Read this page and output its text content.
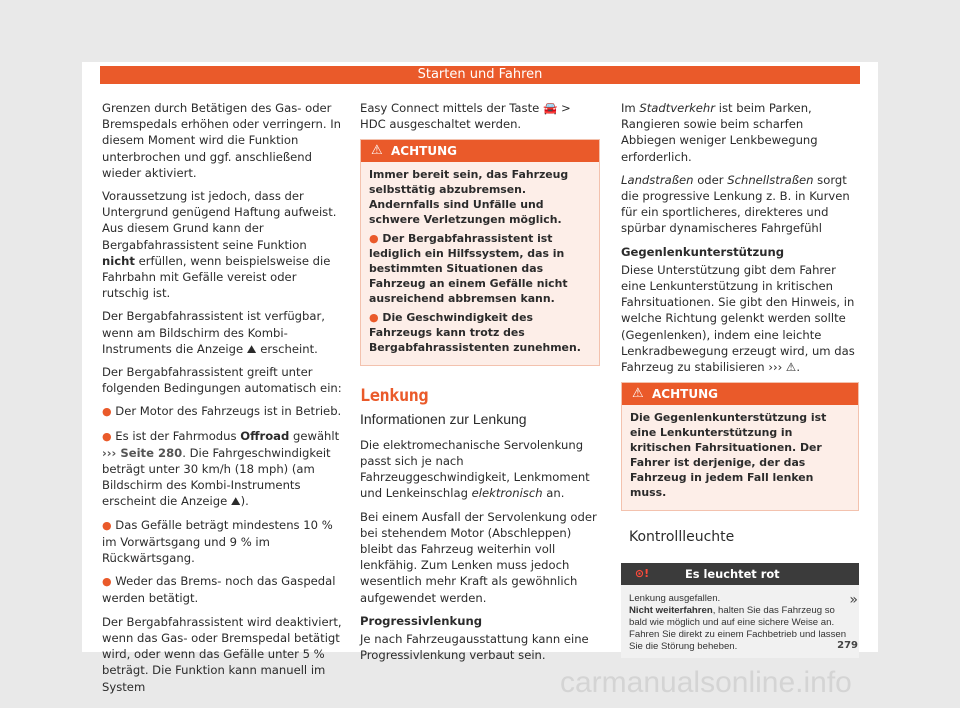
Starten und Fahren

Grenzen durch Betätigen des Gas- oder Bremspedals erhöhen oder verringern. In diesem Moment wird die Funktion unterbrochen und ggf. anschließend wieder aktiviert.

Voraussetzung ist jedoch, dass der Untergrund genügend Haftung aufweist. Aus diesem Grund kann der Bergabfahrassistent seine Funktion nicht erfüllen, wenn beispielsweise die Fahrbahn mit Gefälle vereist oder rutschig ist.

Der Bergabfahrassistent ist verfügbar, wenn am Bildschirm des Kombi-Instruments die Anzeige ⛰ erscheint.

Der Bergabfahrassistent greift unter folgenden Bedingungen automatisch ein:

● Der Motor des Fahrzeugs ist in Betrieb.

● Es ist der Fahrmodus Offroad gewählt ››› Seite 280. Die Fahrgeschwindigkeit beträgt unter 30 km/h (18 mph) (am Bildschirm des Kombi-Instruments erscheint die Anzeige ⛰).

● Das Gefälle beträgt mindestens 10 % im Vorwärtsgang und 9 % im Rückwärtsgang.

● Weder das Brems- noch das Gaspedal werden betätigt.

Der Bergabfahrassistent wird deaktiviert, wenn das Gas- oder Bremspedal betätigt wird, oder wenn das Gefälle unter 5 % beträgt. Die Funktion kann manuell im System

Easy Connect mittels der Taste 🚘 > HDC ausgeschaltet werden.

⚠ ACHTUNG

Immer bereit sein, das Fahrzeug selbsttätig abzubremsen. Andernfalls sind Unfälle und schwere Verletzungen möglich.

● Der Bergabfahrassistent ist lediglich ein Hilfssystem, das in bestimmten Situationen das Fahrzeug an einem Gefälle nicht ausreichend abbremsen kann.

● Die Geschwindigkeit des Fahrzeugs kann trotz des Bergabfahrassistenten zunehmen.

Lenkung
Informationen zur Lenkung

Die elektromechanische Servolenkung passt sich je nach Fahrzeuggeschwindigkeit, Lenkmoment und Lenkeinschlag elektronisch an.

Bei einem Ausfall der Servolenkung oder bei stehendem Motor (Abschleppen) bleibt das Fahrzeug weiterhin voll lenkfähig. Zum Lenken muss jedoch wesentlich mehr Kraft als gewöhnlich aufgewendet werden.

Progressivlenkung

Je nach Fahrzeugausstattung kann eine Progressivlenkung verbaut sein.

Im Stadtverkehr ist beim Parken, Rangieren sowie beim scharfen Abbiegen weniger Lenkbewegung erforderlich.

Landstraßen oder Schnellstraßen sorgt die progressive Lenkung z. B. in Kurven für ein sportlicheres, direkteres und spürbar dynamischeres Fahrgefühl

Gegenlenkunterstützung

Diese Unterstützung gibt dem Fahrer eine Lenkunterstützung in kritischen Fahrsituationen. Sie gibt den Hinweis, in welche Richtung gelenkt werden sollte (Gegenlenken), indem eine leichte Lenkradbewegung erzeugt wird, um das Fahrzeug zu stabilisieren ››› ⚠.

⚠ ACHTUNG

Die Gegenlenkunterstützung ist eine Lenkunterstützung in kritischen Fahrsituationen. Der Fahrer ist derjenige, der das Fahrzeug in jedem Fall lenken muss.

Kontrollleuchte
⊙!	Es leuchtet rot
Lenkung ausgefallen.
Nicht weiterfahren, halten Sie das Fahrzeug so bald wie möglich und auf eine sichere Weise an.
Fahren Sie direkt zu einem Fachbetrieb und lassen Sie die Störung beheben.
»
279
carmanualsonline.info
